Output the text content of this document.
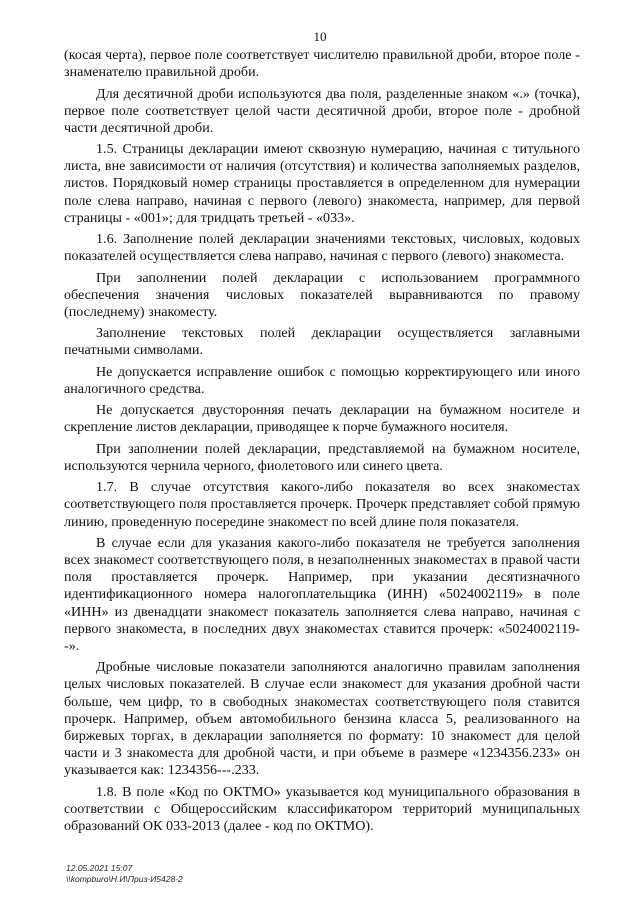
10

(косая черта), первое поле соответствует числителю правильной дроби, второе поле - знаменателю правильной дроби.

Для десятичной дроби используются два поля, разделенные знаком «.» (точка), первое поле соответствует целой части десятичной дроби, второе поле - дробной части десятичной дроби.

1.5. Страницы декларации имеют сквозную нумерацию, начиная с титульного листа, вне зависимости от наличия (отсутствия) и количества заполняемых разделов, листов. Порядковый номер страницы проставляется в определенном для нумерации поле слева направо, начиная с первого (левого) знакоместа, например, для первой страницы - «001»; для тридцать третьей - «033».

1.6. Заполнение полей декларации значениями текстовых, числовых, кодовых показателей осуществляется слева направо, начиная с первого (левого) знакоместа.

При заполнении полей декларации с использованием программного обеспечения значения числовых показателей выравниваются по правому (последнему) знакоместу.

Заполнение текстовых полей декларации осуществляется заглавными печатными символами.

Не допускается исправление ошибок с помощью корректирующего или иного аналогичного средства.

Не допускается двусторонняя печать декларации на бумажном носителе и скрепление листов декларации, приводящее к порче бумажного носителя.

При заполнении полей декларации, представляемой на бумажном носителе, используются чернила черного, фиолетового или синего цвета.

1.7. В случае отсутствия какого-либо показателя во всех знакоместах соответствующего поля проставляется прочерк. Прочерк представляет собой прямую линию, проведенную посередине знакомест по всей длине поля показателя.

В случае если для указания какого-либо показателя не требуется заполнения всех знакомест соответствующего поля, в незаполненных знакоместах в правой части поля проставляется прочерк. Например, при указании десятизначного идентификационного номера налогоплательщика (ИНН) «5024002119» в поле «ИНН» из двенадцати знакомест показатель заполняется слева направо, начиная с первого знакоместа, в последних двух знакоместах ставится прочерк: «5024002119--».

Дробные числовые показатели заполняются аналогично правилам заполнения целых числовых показателей. В случае если знакомест для указания дробной части больше, чем цифр, то в свободных знакоместах соответствующего поля ставится прочерк. Например, объем автомобильного бензина класса 5, реализованного на биржевых торгах, в декларации заполняется по формату: 10 знакомест для целой части и 3 знакоместа для дробной части, и при объеме в размере «1234356.233» он указывается как: 1234356---.233.

1.8. В поле «Код по ОКТМО» указывается код муниципального образования в соответствии с Общероссийским классификатором территорий муниципальных образований ОК 033-2013 (далее - код по ОКТМО).

12.05.2021 15:07
\\kompburo\Н.И\Приз-И5428-2
